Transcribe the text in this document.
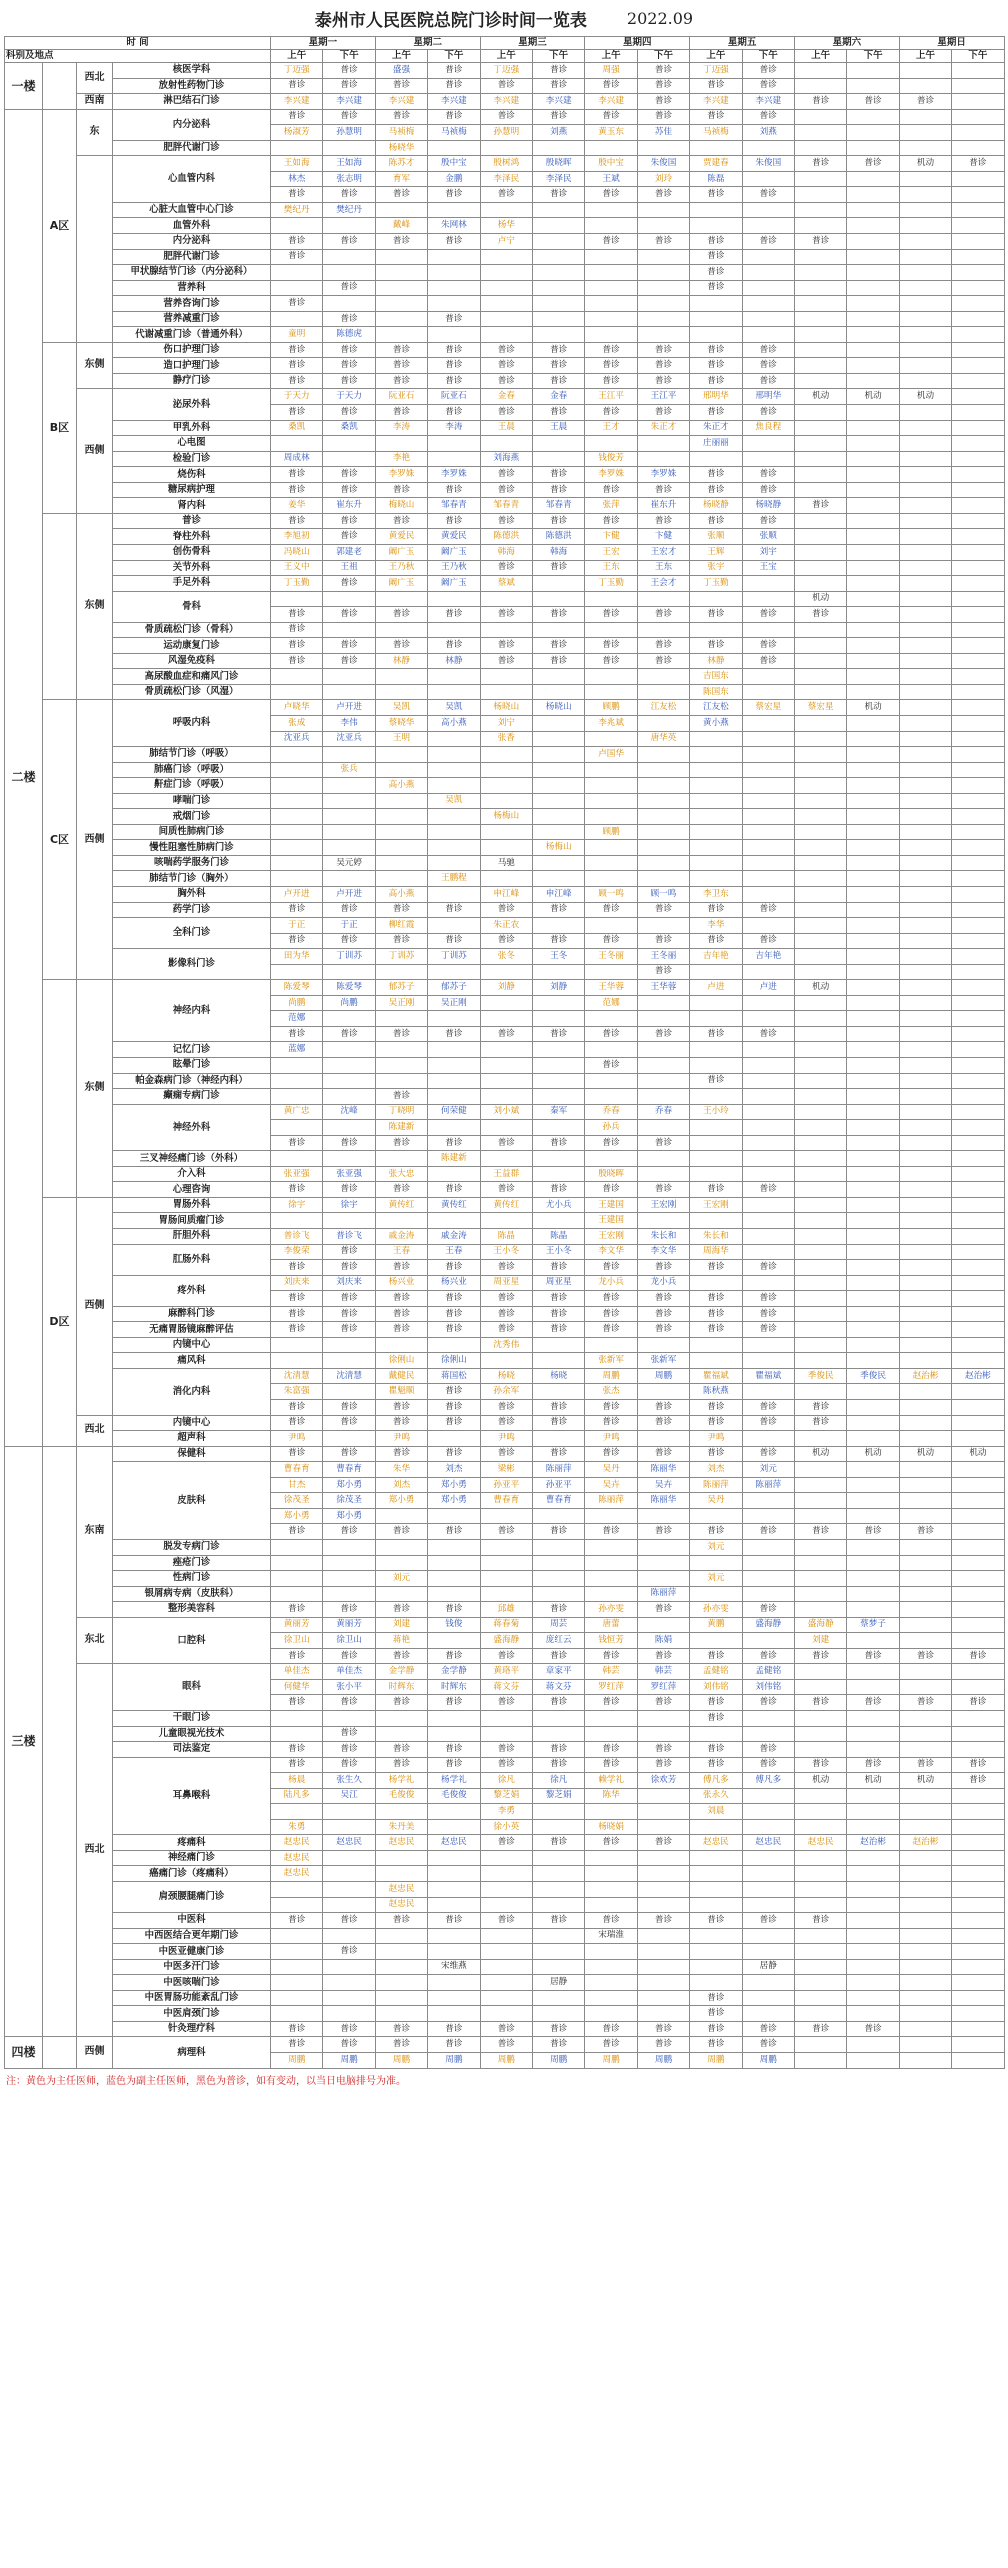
泰州市人民医院总院门诊时间一览表	2022.09
时 间				星期一		星期二		星期三		星期四		星期五		星期六		星期日	
科别及地点				上午	下午	上午	下午	上午	下午	上午	下午	上午	下午	上午	下午	上午	下午
一楼		西北	核医学科	丁迈强	普诊	盛强	普诊	丁迈强	普诊	周强	普诊	丁迈强	普诊				
			放射性药物门诊	普诊	普诊	普诊	普诊	普诊	普诊	普诊	普诊	普诊	普诊				
		西南	淋巴结石门诊	李兴建	李兴建	李兴建	李兴建	李兴建	李兴建	李兴建	普诊	李兴建	李兴建	普诊	普诊	普诊	
二楼	A区	东	内分泌科	普诊	普诊	普诊	普诊	普诊	普诊	普诊	普诊	普诊	普诊				
				杨淑芳	孙慧明	马祯梅	马祯梅	孙慧明	刘燕	黄玉东	苏佳	马祯梅	刘燕				
			肥胖代谢门诊			杨晓华											
			心血管内科	王如海	王如海	陈苏才	殷中宝	殷树鸿	殷晓晖	殷中宝	朱俊国	贾建春	朱俊国	普诊	普诊	机动	普诊
				林杰	张志明	育军	金鹏	李泽民	李泽民	王斌	刘玲	陈磊					
				普诊	普诊	普诊	普诊	普诊	普诊	普诊	普诊	普诊	普诊				
			心脏大血管中心门诊	樊纪丹	樊纪丹												
			血管外科			戴峰	朱网林	杨华									
			内分泌科	普诊	普诊	普诊	普诊	卢宁		普诊	普诊	普诊	普诊	普诊			
			肥胖代谢门诊	普诊								普诊					
			甲状腺结节门诊（内分泌科）									普诊					
			营养科		普诊							普诊					
			营养咨询门诊	普诊													
			营养减重门诊		普诊		普诊										
			代谢减重门诊（普通外科）	童明	陈德虎												
	B区	东侧	伤口护理门诊	普诊	普诊	普诊	普诊	普诊	普诊	普诊	普诊	普诊	普诊				
			造口护理门诊	普诊	普诊	普诊	普诊	普诊	普诊	普诊	普诊	普诊	普诊				
			静疗门诊	普诊	普诊	普诊	普诊	普诊	普诊	普诊	普诊	普诊	普诊				
		西侧	泌尿外科	于天力	于天力	阮亚石	阮亚石	金春	金春	王江平	王江平	邢明华	邢明华	机动	机动	机动	
				普诊	普诊	普诊	普诊	普诊	普诊	普诊	普诊	普诊	普诊				
			甲乳外科	桑凯	桑凯	李涛	李涛	王晨	王晨	王才	朱正才	朱正才	焦良程				
			心电图									庄丽丽					
			检验门诊	周成林		李艳		刘海燕		钱俊芳							
			烧伤科	普诊	普诊	李罗姝	李罗姝	普诊	普诊	李罗姝	李罗姝	普诊	普诊				
			糖尿病护理	普诊	普诊	普诊	普诊	普诊	普诊	普诊	普诊	普诊	普诊				
			肾内科	姜华	崔东升	梅晓山	邹春青	邹春青	邹春青	张萍	崔东升	杨晓静	杨晓静	普诊			
		东侧	普诊	普诊	普诊	普诊	普诊	普诊	普诊	普诊	普诊	普诊	普诊				
			脊柱外科	李旭初	普诊	黄爱民	黄爱民	陈德洪	陈德洪	卞健	卞健	张顺	张顺				
			创伤骨科	冯晓山	郭建老	阚广玉	阚广玉	韩海	韩海	王宏	王宏才	王辉	刘宇				
			关节外科	王义中	王祖	王乃秋	王乃秋	普诊	普诊	王东	王东	张宇	王宝				
			手足外科	丁玉勤	普诊	阚广玉	阚广玉	蔡斌		丁玉勤	王会才	丁玉勤					
			骨科											机动			
				普诊	普诊	普诊	普诊	普诊	普诊	普诊	普诊	普诊	普诊	普诊			
			骨质疏松门诊（骨科）	普诊													
			运动康复门诊	普诊	普诊	普诊	普诊	普诊	普诊	普诊	普诊	普诊	普诊				
			风湿免疫科	普诊	普诊	林静	林静	普诊	普诊	普诊	普诊	林静	普诊				
			高尿酸血症和痛风门诊									吉国东					
			骨质疏松门诊（风湿）									陈国东					
	C区	西侧	呼吸内科	卢晓华	卢开进	吴凯	吴凯	杨晓山	杨晓山	顾鹏	江友松	江友松	蔡宏星	蔡宏星	机动		
				张成	李伟	蔡晓华	高小燕	刘宁		李兆斌		黄小燕					
				沈亚兵	沈亚兵	王明		张香			唐华英						
			肺结节门诊（呼吸）							卢国华							
			肺癌门诊（呼吸）		张兵												
			鼾症门诊（呼吸）			高小燕											
			哮喘门诊				吴凯										
			戒烟门诊					杨梅山									
			间质性肺病门诊							顾鹏							
			慢性阻塞性肺病门诊						杨梅山								
			咳喘药学服务门诊		吴元婷			马驰									
			肺结节门诊（胸外）				王鹏程										
			胸外科	卢开进	卢开进	高小燕		申江峰	申江峰	顾一鸣	顾一鸣	李卫东					
			药学门诊	普诊	普诊	普诊	普诊	普诊	普诊	普诊	普诊	普诊	普诊				
			全科门诊	于正	于正	柳红霞		朱正农				李华					
				普诊	普诊	普诊	普诊	普诊	普诊	普诊	普诊	普诊	普诊				
			影像科门诊	田为华	丁训苏	丁训苏	丁训苏	张冬	王冬	王冬丽	王冬丽	吉年艳	吉年艳				
											普诊						
		东侧	神经内科	陈爱琴	陈爱琴	郁苏子	郁苏子	刘静	刘静	王华蓉	王华蓉	卢进	卢进	机动			
				尚鹏	尚鹏	吴正刚	吴正刚			范娜							
				范娜													
				普诊	普诊	普诊	普诊	普诊	普诊	普诊	普诊	普诊	普诊				
			记忆门诊	蓝娜													
			眩晕门诊							普诊							
			帕金森病门诊（神经内科）									普诊					
			癫痫专病门诊			普诊											
			神经外科	黄广忠	沈峰	丁晓明	何荣健	刘小斌	秦军	乔春	乔春	王小玲					
						陈建新				孙兵							
				普诊	普诊	普诊	普诊	普诊	普诊	普诊	普诊						
			三叉神经痛门诊（外科）				陈建新										
			介入科	张亚强	张亚强	张大忠		王益群		殷晓晖							
			心理咨询	普诊	普诊	普诊	普诊	普诊	普诊	普诊	普诊	普诊	普诊				
	D区	西侧	胃肠外科	徐宇	徐宇	黄传红	黄传红	黄传红	尤小兵	王建国	王宏刚	王宏刚					
			胃肠间质瘤门诊							王建国							
			肝胆外科	普诊飞	普诊飞	戚金涛	戚金涛	陈晶	陈晶	王宏刚	朱长和	朱长和					
			肛肠外科	李俊荣	普诊	王春	王春	王小冬	王小冬	李文华	李文华	周海华					
				普诊	普诊	普诊	普诊	普诊	普诊	普诊	普诊	普诊	普诊				
			疼外科	刘庆来	刘庆来	杨兴业	杨兴业	周亚星	周亚星	龙小兵	龙小兵						
				普诊	普诊	普诊	普诊	普诊	普诊	普诊	普诊	普诊	普诊				
			麻醉科门诊	普诊	普诊	普诊	普诊	普诊	普诊	普诊	普诊	普诊	普诊				
			无痛胃肠镜麻醉评估	普诊	普诊	普诊	普诊	普诊	普诊	普诊	普诊	普诊	普诊				
			内镜中心					沈秀伟									
			痛风科			徐俐山	徐俐山			张新军	张新军						
			消化内科	沈清慧	沈清慧	戴健民	蒋国松	杨晓	杨晓	周鹏	周鹏	瞿福斌	瞿福斌	季俊民	季俊民	赵治彬	赵治彬
				朱富强		瞿魁顺	普诊	孙余军		张杰		陈秋燕					
				普诊	普诊	普诊	普诊	普诊	普诊	普诊	普诊	普诊	普诊	普诊			
		西北	内镜中心	普诊	普诊	普诊	普诊	普诊	普诊	普诊	普诊	普诊	普诊	普诊			
			超声科	尹鸣		尹鸣		尹鸣		尹鸣		尹鸣					
三楼		东南	保健科	普诊	普诊	普诊	普诊	普诊	普诊	普诊	普诊	普诊	普诊	机动	机动	机动	机动
			皮肤科	曹春育	曹春育	朱华	刘杰	梁彬	陈丽萍	吴丹	陈丽华	刘杰	刘元				
				甘杰	郑小勇	刘杰	郑小勇	孙亚平	孙亚平	吴卉	吴卉	陈丽萍	陈丽萍				
				徐茂圣	徐茂圣	郑小勇	郑小勇	曹春育	曹春育	陈丽萍	陈丽华	吴丹					
				郑小勇	郑小勇												
				普诊	普诊	普诊	普诊	普诊	普诊	普诊	普诊	普诊	普诊	普诊	普诊	普诊	
			脱发专病门诊									刘元					
			痤疮门诊														
			性病门诊			刘元						刘元					
			银屑病专病（皮肤科）								陈丽萍						
			整形美容科	普诊	普诊	普诊	普诊	邱雄	普诊	孙亦雯	普诊	孙亦雯	普诊				
		东北	口腔科	黄丽芳	黄丽芳	刘建	钱俊	蒋春菊	周芸	唐蕾		黄鹏	盛海静	盛海静	蔡梦子		
				徐卫山	徐卫山	蒋艳		盛海静	庞红云	钱恒芳	陈娟			刘建			
				普诊	普诊	普诊	普诊	普诊	普诊	普诊	普诊	普诊	普诊	普诊	普诊	普诊	普诊
		西北	眼科	单佳杰	单佳杰	金学静	金学静	黄珞平	章家平	韩芸	韩芸	孟健铭	孟健铭				
				何健华	张小平	时辉东	时辉东	蒋文芬	蒋文芬	罗红萍	罗红萍	刘伟铭	刘伟铭				
				普诊	普诊	普诊	普诊	普诊	普诊	普诊	普诊	普诊	普诊	普诊	普诊	普诊	普诊
			干眼门诊									普诊					
			儿童眼视光技术		普诊												
			司法鉴定	普诊	普诊	普诊	普诊	普诊	普诊	普诊	普诊	普诊	普诊				
			耳鼻喉科	普诊	普诊	普诊	普诊	普诊	普诊	普诊	普诊	普诊	普诊	普诊	普诊	普诊	普诊
				杨晨	张生久	杨学礼	杨学礼	徐凡	徐凡	赖学礼	徐欢芳	傅凡多	傅凡多	机动	机动	机动	普诊
				陆凡多	吴江	毛俊俊	毛俊俊	黎芝娟	黎芝娟	陈华		张永久					
								李勇				刘晨					
				朱勇		朱丹美		徐小英		杨晓娟							
			疼痛科	赵忠民	赵忠民	赵忠民	赵忠民	普诊	普诊	普诊	普诊	赵忠民	赵忠民	赵忠民	赵治彬	赵治彬	
			神经痛门诊	赵忠民													
			癌痛门诊（疼痛科）	赵忠民													
			肩颈腰腿痛门诊			赵忠民											
						赵忠民											
			中医科	普诊	普诊	普诊	普诊	普诊	普诊	普诊	普诊	普诊	普诊	普诊			
			中西医结合更年期门诊							宋瑞淮							
			中医亚健康门诊		普诊												
			中医多汗门诊				宋维燕						居静				
			中医咳喘门诊						居静								
			中医胃肠功能紊乱门诊									普诊					
			中医肩颈门诊									普诊					
			针灸理疗科	普诊	普诊	普诊	普诊	普诊	普诊	普诊	普诊	普诊	普诊	普诊	普诊		
四楼		西侧	病理科	普诊	普诊	普诊	普诊	普诊	普诊	普诊	普诊	普诊	普诊				
				周鹏	周鹏	周鹏	周鹏	周鹏	周鹏	周鹏	周鹏	周鹏	周鹏				
注：黄色为主任医师，蓝色为副主任医师，黑色为普诊，如有变动，以当日电脑排号为准。
